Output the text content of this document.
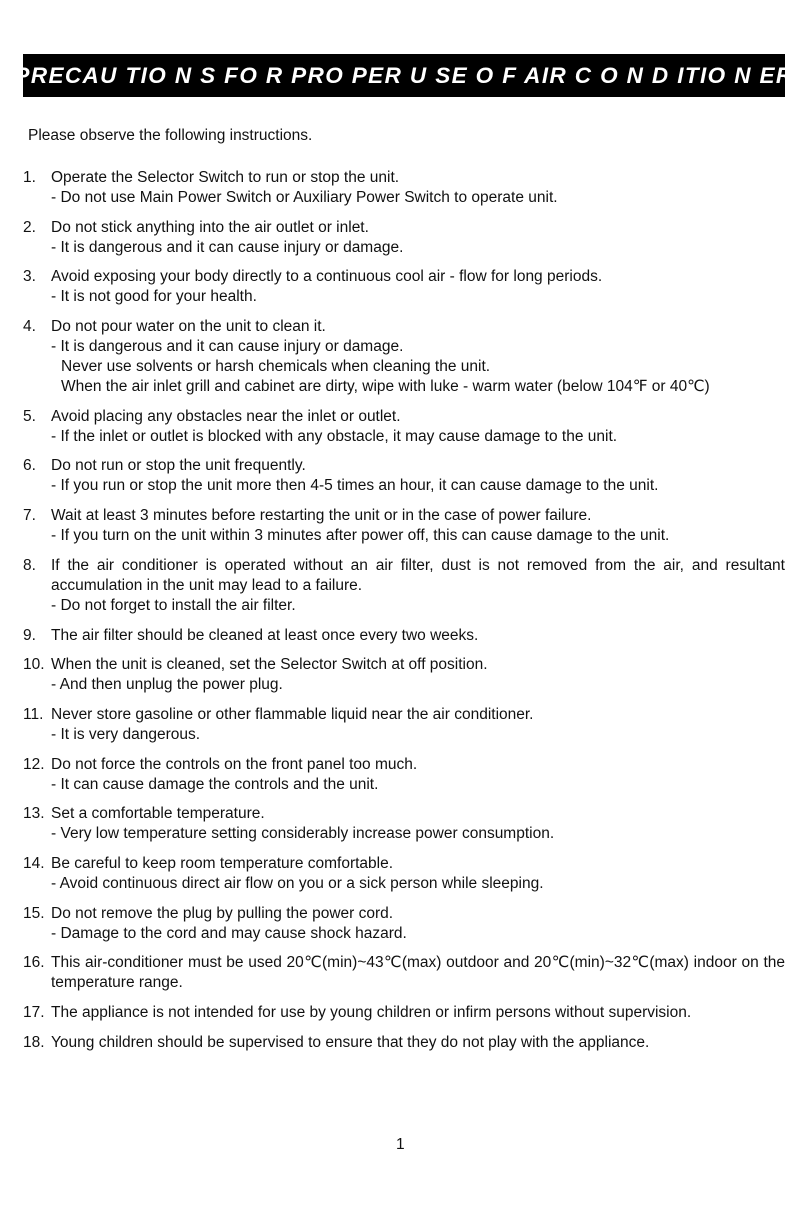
PRECAU TIO N S FO R PRO PER U SE O F AIR C O N D ITIO N ER
Please observe the following instructions.
1. Operate the Selector Switch to run or stop the unit.
- Do not use Main Power Switch or Auxiliary Power Switch to operate unit.
2. Do not stick anything into the air outlet or inlet.
- It is dangerous and it can cause injury or damage.
3. Avoid exposing your body directly to a continuous cool air - flow for long periods.
- It is not good for your health.
4. Do not pour water on the unit to clean it.
- It is dangerous and it can cause injury or damage.
Never use solvents or harsh chemicals when cleaning the unit.
When the air inlet grill and cabinet are dirty, wipe with luke - warm water (below 104℉ or 40℃)
5. Avoid placing any obstacles near the inlet or outlet.
- If the inlet or outlet is blocked with any obstacle, it may cause damage to the unit.
6. Do not run or stop the unit frequently.
- If you run or stop the unit more then 4-5 times an hour, it can cause damage to the unit.
7. Wait at least 3 minutes before restarting the unit or in the case of power failure.
- If you turn on the unit within 3 minutes after power off, this can cause damage to the unit.
8. If the air conditioner is operated without an air filter, dust is not removed from the air, and resultant accumulation in the unit may lead to a failure.
- Do not forget to install the air filter.
9. The air filter should be cleaned at least once every two weeks.
10. When the unit is cleaned, set the Selector Switch at off position.
- And then unplug the power plug.
11. Never store gasoline or other flammable liquid near the air conditioner.
- It is very dangerous.
12. Do not force the controls on the front panel too much.
- It can cause damage the controls and the unit.
13. Set a comfortable temperature.
- Very low temperature setting considerably increase power consumption.
14. Be careful to keep room temperature comfortable.
- Avoid continuous direct air flow on you or a sick person while sleeping.
15. Do not remove the plug by pulling the power cord.
- Damage to the cord and may cause shock hazard.
16. This air-conditioner must be used 20℃(min)~43℃(max) outdoor and 20℃(min)~32℃(max) indoor on the temperature range.
17. The appliance is not intended for use by young children or infirm persons without supervision.
18. Young children should be supervised to ensure that they do not play with the appliance.
1
